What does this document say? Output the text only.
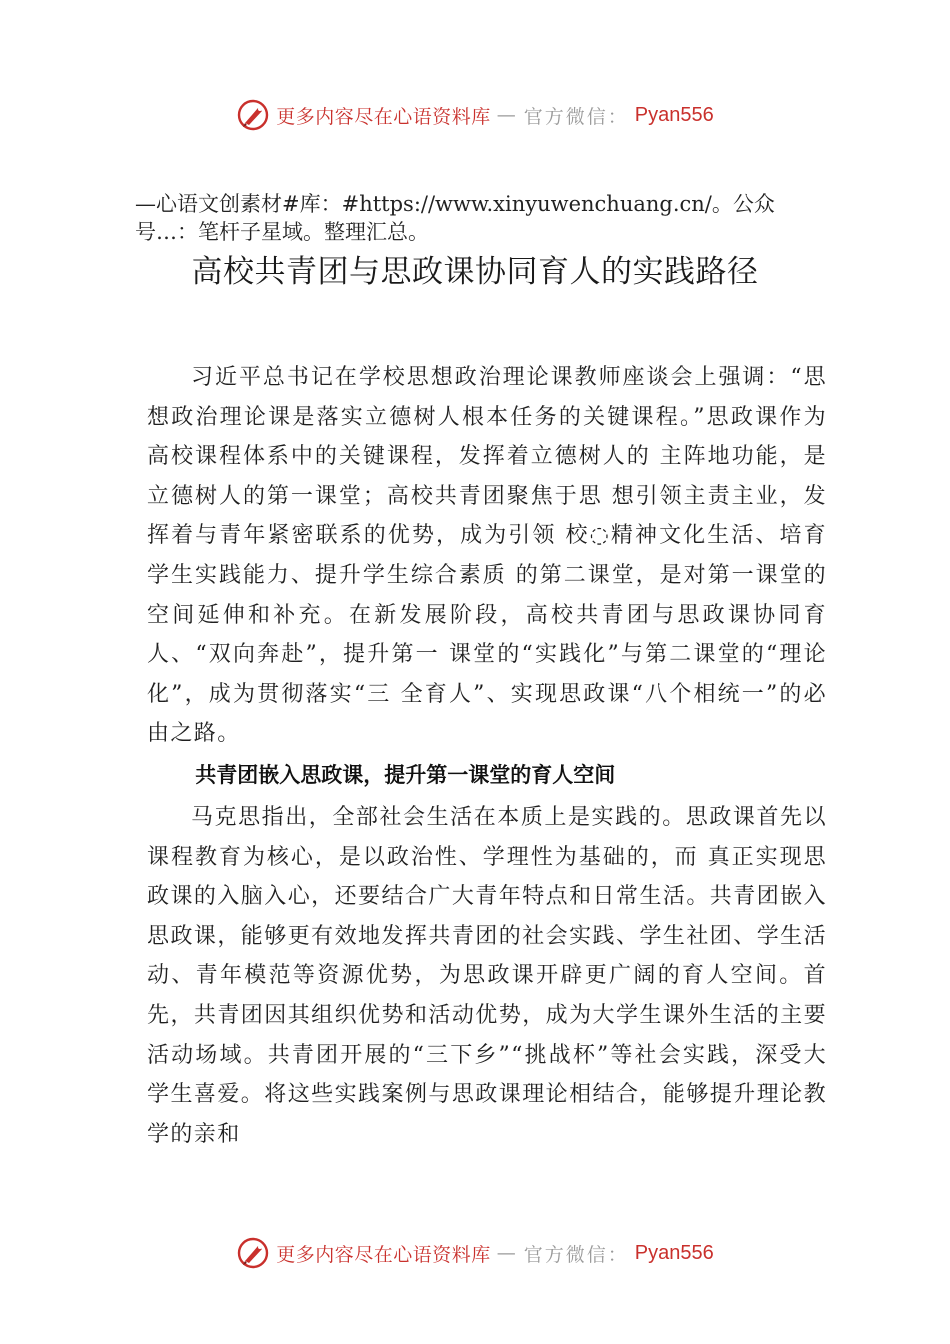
更多内容尽在心语资料库 — 官方微信： Pyan556
—心语文创素材#库：#https://www.xinyuwenchuang.cn/。公众号…：笔杆子星域。整理汇总。
高校共青团与思政课协同育人的实践路径

习近平总书记在学校思想政治理论课教师座谈会上强调：“思想政治理论课是落实立德树人根本任务的关键课程。”思政课作为高校课程体系中的关键课程，发挥着立德树人的 主阵地功能，是立德树人的第一课堂；高校共青团聚焦于思 想引领主责主业，发挥着与青年紧密联系的优势，成为引领 校◌精神文化生活、培育学生实践能力、提升学生综合素质 的第二课堂，是对第一课堂的空间延伸和补充。在新发展阶段，高校共青团与思政课协同育人、“双向奔赴”，提升第一 课堂的“实践化”与第二课堂的“理论化”，成为贯彻落实“三 全育人”、实现思政课“八个相统一”的必由之路。

共青团嵌入思政课，提升第一课堂的育人空间

马克思指出，全部社会生活在本质上是实践的。思政课首先以课程教育为核心，是以政治性、学理性为基础的，而 真正实现思政课的入脑入心，还要结合广大青年特点和日常生活。共青团嵌入思政课，能够更有效地发挥共青团的社会实践、学生社团、学生活动、青年模范等资源优势，为思政课开辟更广阔的育人空间。首先，共青团因其组织优势和活动优势，成为大学生课外生活的主要活动场域。共青团开展的“三下乡”“挑战杯”等社会实践，深受大学生喜爱。将这些实践案例与思政课理论相结合，能够提升理论教学的亲和

更多内容尽在心语资料库 — 官方微信： Pyan556
